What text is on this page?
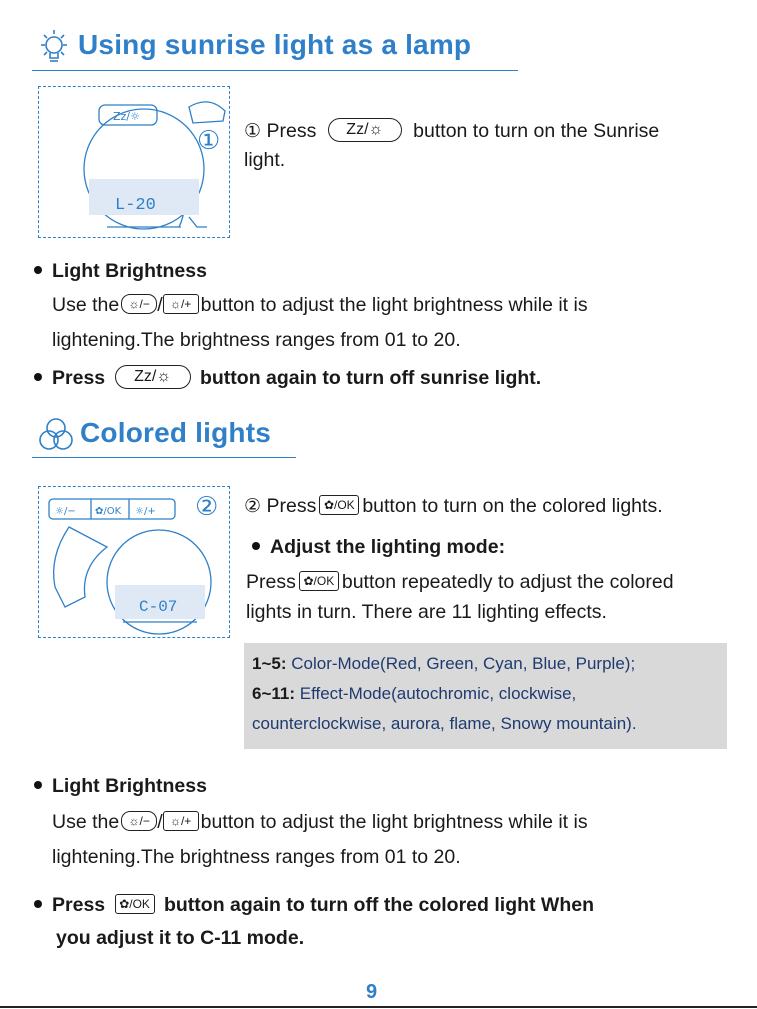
Using sunrise light as a lamp
L-20
Zz/☼
① ① Press Zz/☼ button to turn on the Sunrise
light.
Light Brightness
Use the ☼/− / ☼/+ button to adjust the light brightness while it is
lightening.The brightness ranges from 01 to 20.
Press Zz/☼ button again to turn off sunrise light.
Colored lights
C-07
☼/− ✿/OK ☼/+ ② ② Press ✿/OK button to turn on the colored lights.
Adjust the lighting mode:
Press ✿/OK button repeatedly to adjust the colored
lights in turn. There are 11 lighting effects.
1~5: Color-Mode(Red, Green, Cyan, Blue, Purple);
6~11: Effect-Mode(autochromic, clockwise,
counterclockwise, aurora, flame, Snowy mountain).
Light Brightness
Use the ☼/− / ☼/+ button to adjust the light brightness while it is
lightening.The brightness ranges from 01 to 20.
Press ✿/OK button again to turn off the colored light When
you adjust it to C-11 mode.
9
